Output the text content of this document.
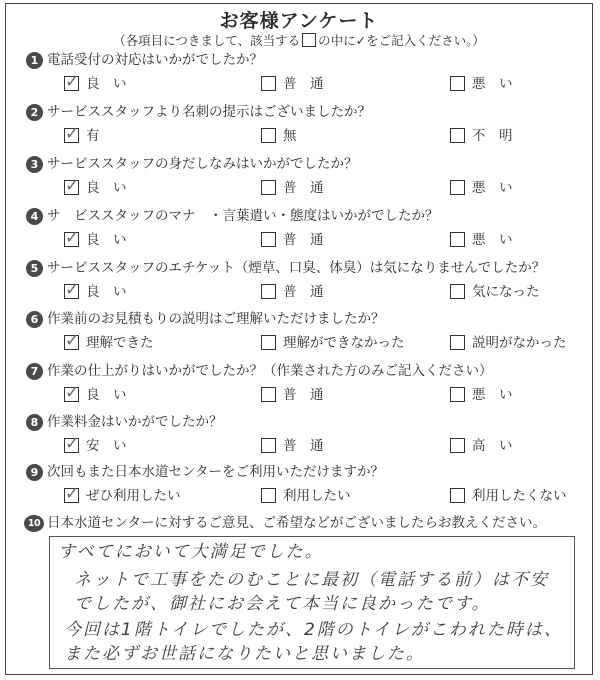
お客様アンケート
（各項目につきまして、該当する の中に✓をご記入ください。）
1 電話受付の対応はいかがでしたか？
✓ 良　い	普　通	悪　い
2 サービススタッフより名刺の提示はございましたか？
✓ 有	無	不　明
3 サービススタッフの身だしなみはいかがでしたか？
✓ 良　い	普　通	悪　い
4 サ　ビススタッフのマナ　・言葉遣い・態度はいかがでしたか？
✓ 良　い	普　通	悪　い
5 サービススタッフのエチケット（煙草、口臭、体臭）は気になりませんでしたか？
✓ 良　い	普　通	気になった
6 作業前のお見積もりの説明はご理解いただけましたか？
✓ 理解できた	理解ができなかった	説明がなかった
7 作業の仕上がりはいかがでしたか？（作業された方のみご記入ください）
✓ 良　い	普　通	悪　い
8 作業料金はいかがでしたか？
✓ 安　い	普　通	高　い
9 次回もまた日本水道センターをご利用いただけますか？
✓ ぜひ利用したい	利用したい	利用したくない
10 日本水道センターに対するご意見、ご希望などがございましたらお教えください。
すべてにおいて大満足でした。
ネットで工事をたのむことに最初（電話する前）は不安
でしたが、御社にお会えて本当に良かったです。
今回は1階トイレでしたが、2階のトイレがこわれた時は、
また必ずお世話になりたいと思いました。
